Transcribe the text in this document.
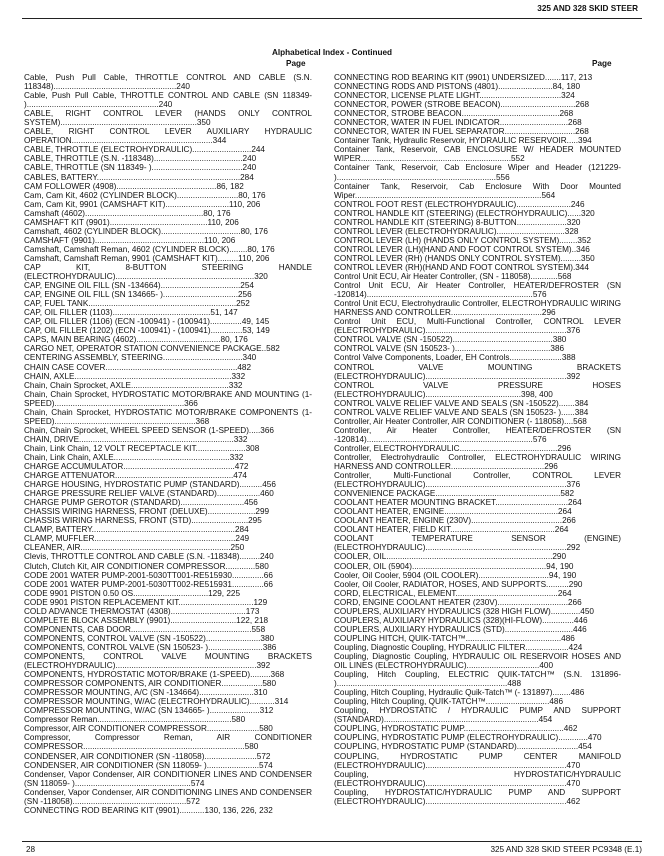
325 AND 328 SKID STEER
Alphabetical Index - Continued
Page	Page
Cable, Push Pull Cable, THROTTLE CONTROL AND CABLE (S.N. 118348)......................................................240
Cable, Push Pull Cable, THROTTLE CONTROL AND CABLE (SN 118349- )..........................................................240
CABLE, RIGHT CONTROL LEVER (HANDS ONLY CONTROL SYSTEM)............................................................350
CABLE, RIGHT CONTROL LEVER AUXILIARY HYDRAULIC OPERATION..............................................................344
CABLE, THROTTLE (ELECTROHYDRAULIC)..........................244
CABLE, THROTTLE (S.N. -118348).......................................240
CABLE, THROTTLE (SN 118349- )........................................240
CABLES, BATTERY...............................................................284
CAM FOLLOWER (4908)............................................86, 182
Cam, Cam Kit, 4602 (CYLINDER BLOCK)...........................80, 176
Cam, Cam Kit, 9901 (CAMSHAFT KIT)............................110, 206
Camshaft (4602)....................................................80, 176
CAMSHAFT KIT (9901)...........................................110, 206
Camshaft, 4602 (CYLINDER BLOCK)...................................80, 176
CAMSHAFT (9901)................................................110, 206
Camshaft, Camshaft Reman, 4602 (CYLINDER BLOCK)........80, 176
Camshaft, Camshaft Reman, 9901 (CAMSHAFT KIT).........110, 206
CAP KIT, 8-BUTTON STEERING HANDLE (ELECTROHYDRAULIC).............................................................320
CAP, ENGINE OIL FILL (SN -134664)...................................254
CAP, ENGINE OIL FILL (SN 134665- ).................................256
CAP, FUEL TANK.................................................................252
CAP, OIL FILLER (1103)...........................................51, 147
CAP, OIL FILLER (1106) (ECN -100941) - (100941)..............49, 145
CAP, OIL FILLER (1202) (ECN -100941) - (100941)..............53, 149
CAPS, MAIN BEARING (4602).....................................80, 176
CARGO NET, OPERATOR STATION CONVENIENCE PACKAGE..582
CENTERING ASSEMBLY, STEERING...................................340
CHAIN CASE COVER..........................................................482
CHAIN, AXLE.....................................................................332
Chain, Chain Sprocket, AXLE...........................................332
Chain, Chain Sprocket, HYDROSTATIC MOTOR/BRAKE AND MOUNTING (1-SPEED).........................................................366
Chain, Chain Sprocket, HYDROSTATIC MOTOR/BRAKE COMPONENTS (1-SPEED)..............................................................368
Chain, Chain Sprocket, WHEEL SPEED SENSOR (1-SPEED).....366
CHAIN, DRIVE....................................................................332
Chain, Link Chain, 12 VOLT RECEPTACLE KIT......................308
Chain, Link Chain, AXLE...................................................332
CHARGE ACCUMULATOR.................................................472
CHARGE ATTENUATOR....................................................474
CHARGE HOUSING, HYDROSTATIC PUMP (STANDARD)..........456
CHARGE PRESSURE RELIEF VALVE (STANDARD)...................460
CHARGE PUMP GEROTOR (STANDARD)............................456
CHASSIS WIRING HARNESS, FRONT (DELUXE).....................299
CHASSIS WIRING HARNESS, FRONT (STD).........................295
CLAMP, BATTERY...............................................................284
CLAMP, MUFFLER..............................................................249
CLEANER, AIR..................................................................250
Clevis, THROTTLE CONTROL AND CABLE (S.N. -118348).........240
Clutch, Clutch Kit, AIR CONDITIONER COMPRESSOR.............580
CODE 2001 WATER PUMP-2001-5030TT001-RE515930..............66
CODE 2001 WATER PUMP-2001-5030TT002-RE515931..............66
CODE 9901 PISTON 0.50 OS.................................129, 225
CODE 9901 PISTON REPLACEMENT KIT.................................129
COLD ADVANCE THERMOSTAT (4308).................................173
COMPLETE BLOCK ASSEMBLY (9901).............................122, 218
COMPONENTS, CAB DOOR.....................................................558
COMPONENTS, CONTROL VALVE (SN -150522)........................380
COMPONENTS, CONTROL VALVE (SN 150523- )........................386
COMPONENTS, CONTROL VALVE MOUNTING BRACKETS (ELECTROHYDRAULIC)..............................................................392
COMPONENTS, HYDROSTATIC MOTOR/BRAKE (1-SPEED).........368
COMPRESSOR COMPONENTS, AIR CONDITIONER..................580
COMPRESSOR MOUNTING, A/C (SN -134664)........................310
COMPRESSOR MOUNTING, W/AC (ELECTROHYDRAULIC)...........314
COMPRESSOR MOUNTING, W/AC (SN 134665- )......................312
Compressor Reman...........................................................580
Compressor, AIR CONDITIONER COMPRESSOR.......................580
Compressor, Compressor Reman, AIR CONDITIONER COMPRESSOR.......................................................................580
CONDENSER, AIR CONDITIONER (SN -118058).......................572
CONDENSER, AIR CONDITIONER (SN 118059- ).......................574
Condenser, Vapor Condenser, AIR CONDITIONER LINES AND CONDENSER (SN 118059- )...................................................574
Condenser, Vapor Condenser, AIR CONDITIONING LINES AND CONDENSER (SN -118058)..................................................572
CONNECTING ROD BEARING KIT (9901)...........130, 136, 226, 232
CONNECTING ROD BEARING KIT (9901) UNDERSIZED.......117, 213
CONNECTING RODS AND PISTONS (4801)........................84, 180
CONNECTOR, LICENSE PLATE LIGHT....................................324
CONNECTOR, POWER (STROBE BEACON).................................268
CONNECTOR, STROBE BEACON...........................................268
CONNECTOR, WATER IN FUEL INDICATOR..............................268
CONNECTOR, WATER IN FUEL SEPARATOR...............................268
Container Tank, Hydraulic Reservoir, HYDRAULIC RESERVOIR.....394
Container Tank, Reservoir, CAB ENCLOSURE W/ HEADER MOUNTED WIPER..................................................................552
Container Tank, Reservoir, Cab Enclosure Wiper and Header (121229- )......................................................................556
Container Tank, Reservoir, Cab Enclosure With Door Mounted Wiper..................................................................................564
CONTROL FOOT REST (ELECTROHYDRAULIC)........................246
CONTROL HANDLE KIT (STEERING) (ELECTROHYDRAULIC)......320
CONTROL HANDLE KIT (STEERING) 8-BUTTON......................320
CONTROL LEVER (ELECTROHYDRAULIC)..............................328
CONTROL LEVER (LH) (HANDS ONLY CONTROL SYSTEM)........352
CONTROL LEVER (LH)(HAND AND FOOT CONTROL SYSTEM)..346
CONTROL LEVER (RH) (HANDS ONLY CONTROL SYSTEM).........350
CONTROL LEVER (RH)(HAND AND FOOT CONTROL SYSTEM).344
Control Unit ECU, Air Heater Controller, (SN - 118058)............568
Control Unit ECU, Air Heater Controller, HEATER/DEFROSTER (SN -120814).........................................................................576
Control Unit ECU, Electrohydraulic Controller, ELECTROHYDRAULIC WIRING HARNESS AND CONTROLLER........................................296
Control Unit ECU, Multi-Functional Controller, CONTROL LEVER (ELECTROHYDRAULIC)..............................................................376
CONTROL VALVE (SN -150522)............................................380
CONTROL VALVE (SN 150523- )..........................................386
Control Valve Components, Loader, EH Controls.......................388
CONTROL VALVE MOUNTING BRACKETS (ELECTROHYDRAULIC)..............................................................392
CONTROL VALVE PRESSURE HOSES (ELECTROHYDRAULIC)..........................................398, 400
CONTROL VALVE RELIEF VALVE AND SEALS (SN -150522).......384
CONTROL VALVE RELIEF VALVE AND SEALS (SN 150523- )......384
Controller, Air Heater Controller, AIR CONDITIONER (- 118058)....568
Controller, Air Heater Controller, HEATER/DEFROSTER (SN -120814).........................................................................576
Controller, ELECTROHYDRAULIC...........................................296
Controller, Electrohydraulic Controller, ELECTROHYDRAULIC WIRING HARNESS AND CONTROLLER.........................................296
Controller, Multi-Functional Controller, CONTROL LEVER (ELECTROHYDRAULIC)..............................................................376
CONVENIENCE PACKAGE.......................................................582
COOLANT HEATER MOUNTING BRACKET................................264
COOLANT HEATER, ENGINE..................................................264
COOLANT HEATER, ENGINE (230V)........................................266
COOLANT HEATER, FIELD KIT..............................................264
COOLANT TEMPERATURE SENSOR (ENGINE) (ELECTROHYDRAULIC)..............................................................292
COOLER, OIL.........................................................................290
COOLER, OIL (5904)...........................................................94, 190
Cooler, Oil Cooler, 5904 (OIL COOLER)...............................94, 190
Cooler, Oil Cooler, RADIATOR, HOSES, AND SUPPORTS..........290
CORD, ELECTRICAL, ELEMENT.............................................264
CORD, ENGINE COOLANT HEATER (230V)...............................266
COUPLERS, AUXILIARY HYDRAULICS (328 HIGH FLOW).............450
COUPLERS, AUXILIARY HYDRAULICS (328)(HI-FLOW)..............446
COUPLERS, AUXILIARY HYDRAULICS (STD)..............................446
COUPLING HITCH, QUIK-TATCH™..........................................486
Coupling, Diagnostic Coupling, HYDRAULIC FILTER...................424
Coupling, Diagnostic Coupling, HYDRAULIC OIL RESERVOIR HOSES AND OIL LINES (ELECTROHYDRAULIC)................................400
Coupling, Hitch Coupling, ELECTRIC QUIK-TATCH™ (S.N. 131896- )...........................................................................488
Coupling, Hitch Coupling, Hydraulic Quik-Tatch™ (- 131897)........486
Coupling, Hitch Coupling, QUIK-TATCH™............................486
Coupling, HYDROSTATIC / HYDRAULIC PUMP AND SUPPORT (STANDARD)....................................................................454
COUPLING, HYDROSTATIC PUMP............................................462
COUPLING, HYDROSTATIC PUMP (ELECTROHYDRAULIC).............470
COUPLING, HYDROSTATIC PUMP (STANDARD)...........................454
COUPLING, HYDROSTATIC PUMP CENTER MANIFOLD (ELECTROHYDRAULIC)..............................................................470
Coupling, HYDROSTATIC/HYDRAULIC (ELECTROHYDRAULIC)..............................................................470
Coupling, HYDROSTATIC/HYDRAULIC PUMP AND SUPPORT (ELECTROHYDRAULIC)..............................................................462
28	325 AND 328 SKID STEER PC9348 (E.1)
